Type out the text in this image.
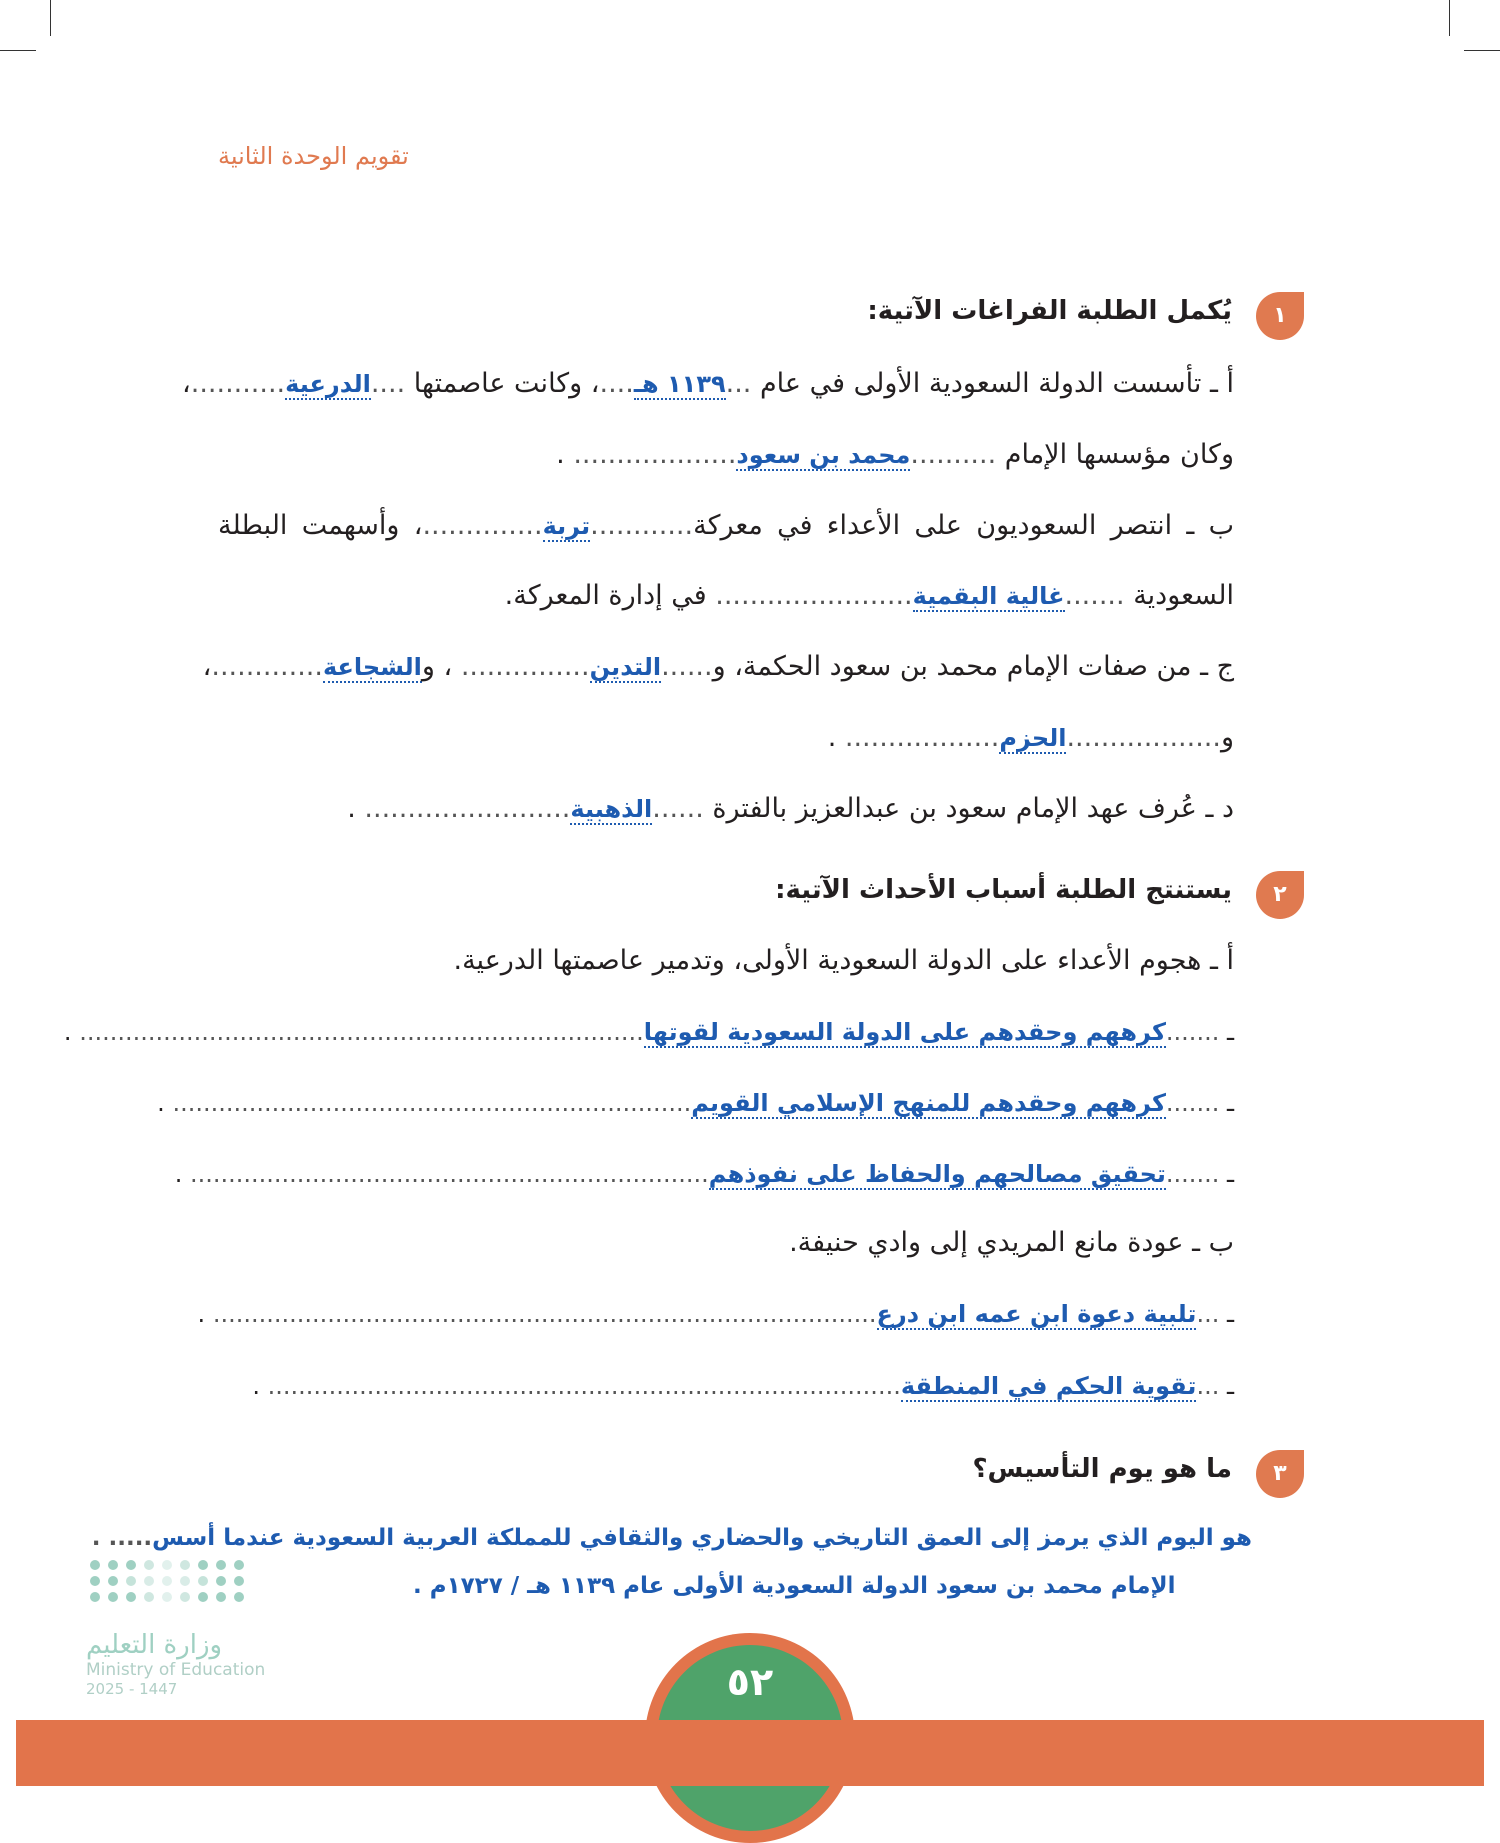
تقويم الوحدة الثانية
١
يُكمل الطلبة الفراغات الآتية:
أ ـ تأسست الدولة السعودية الأولى في عام ...١١٣٩ هـ....، وكانت عاصمتها ....الدرعية...........،
وكان مؤسسها الإمام ..........محمد بن سعود................... .
ب ـ انتصر السعوديون على الأعداء في معركة............تربة..............، وأسهمت البطلة
السعودية .......غالية البقمية....................... في إدارة المعركة.
ج ـ من صفات الإمام محمد بن سعود الحكمة، و......التدين............... ، والشجاعة.............،
و..................الحزم.................. .
د ـ عُرف عهد الإمام سعود بن عبدالعزيز بالفترة ......الذهبية........................ .
٢
يستنتج الطلبة أسباب الأحداث الآتية:
أ ـ هجوم الأعداء على الدولة السعودية الأولى، وتدمير عاصمتها الدرعية.
ـ .......كرههم وحقدهم على الدولة السعودية لقوتها.......................................................................... .
ـ .......كرههم وحقدهم للمنهج الإسلامي القويم.................................................................... .
ـ .......تحقيق مصالحهم والحفاظ على نفوذهم.................................................................... .
ب ـ عودة مانع المريدي إلى وادي حنيفة.
ـ ...تلبية دعوة ابن عمه ابن درع....................................................................................... .
ـ ...تقوية الحكم في المنطقة................................................................................... .
٣
ما هو يوم التأسيس؟
هو اليوم الذي يرمز إلى العمق التاريخي والحضاري والثقافي للمملكة العربية السعودية عندما أسس..... .
. الإمام محمد بن سعود الدولة السعودية الأولى عام ١١٣٩ هـ / ١٧٢٧م
وزارة التعليم
Ministry of Education
2025 - 1447	٥٢
